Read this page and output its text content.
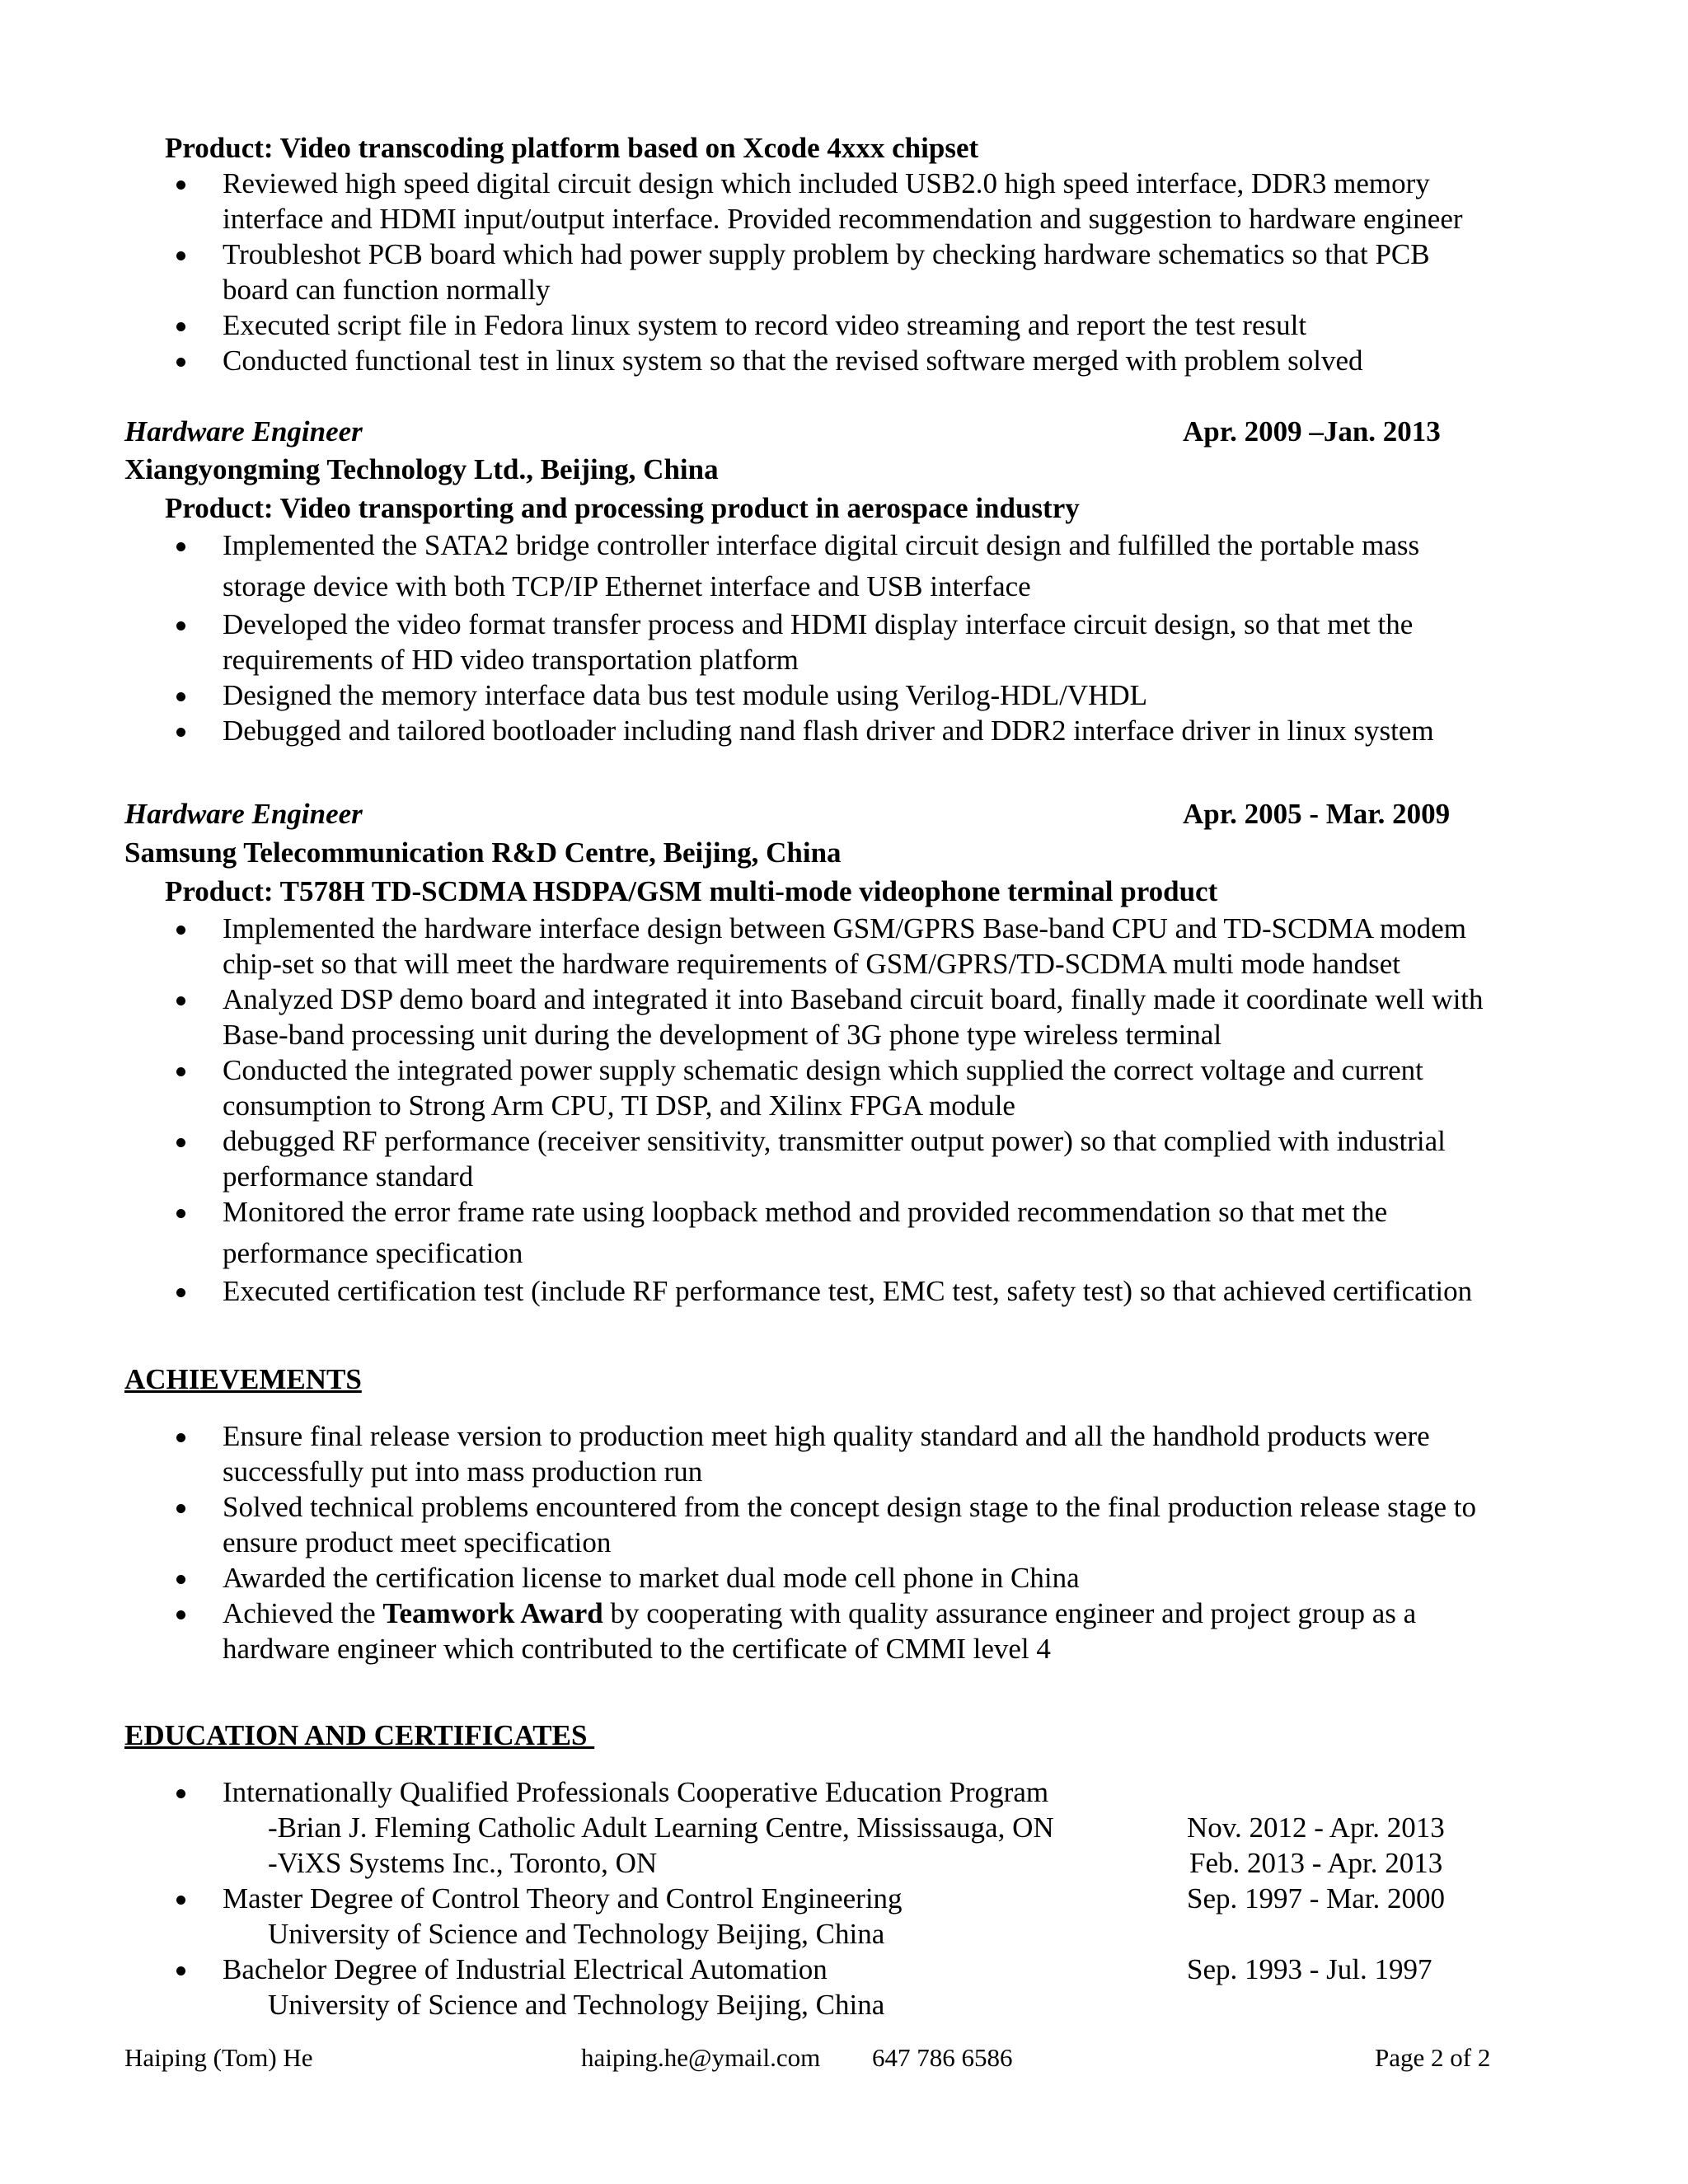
Product: Video transcoding platform based on Xcode 4xxx chipset
Reviewed high speed digital circuit design which included USB2.0 high speed interface, DDR3 memory
interface and HDMI input/output interface. Provided recommendation and suggestion to hardware engineer
Troubleshot PCB board which had power supply problem by checking hardware schematics so that PCB
board can function normally
Executed script file in Fedora linux system to record video streaming and report the test result
Conducted functional test in linux system so that the revised software merged with problem solved
Hardware Engineer	Apr. 2009 –Jan. 2013
Xiangyongming Technology Ltd., Beijing, China
Product: Video transporting and processing product in aerospace industry
Implemented the SATA2 bridge controller interface digital circuit design and fulfilled the portable mass
storage device with both TCP/IP Ethernet interface and USB interface
Developed the video format transfer process and HDMI display interface circuit design, so that met the
requirements of HD video transportation platform
Designed the memory interface data bus test module using Verilog-HDL/VHDL
Debugged and tailored bootloader including nand flash driver and DDR2 interface driver in linux system
Hardware Engineer	Apr. 2005 - Mar. 2009
Samsung Telecommunication R&D Centre, Beijing, China
Product: T578H TD-SCDMA HSDPA/GSM multi-mode videophone terminal product
Implemented the hardware interface design between GSM/GPRS Base-band CPU and TD-SCDMA modem
chip-set so that will meet the hardware requirements of GSM/GPRS/TD-SCDMA multi mode handset
Analyzed DSP demo board and integrated it into Baseband circuit board, finally made it coordinate well with
Base-band processing unit during the development of 3G phone type wireless terminal
Conducted the integrated power supply schematic design which supplied the correct voltage and current
consumption to Strong Arm CPU, TI DSP, and Xilinx FPGA module
debugged RF performance (receiver sensitivity, transmitter output power) so that complied with industrial
performance standard
Monitored the error frame rate using loopback method and provided recommendation so that met the
performance specification
Executed certification test (include RF performance test, EMC test, safety test) so that achieved certification
ACHIEVEMENTS
Ensure final release version to production meet high quality standard and all the handhold products were
successfully put into mass production run
Solved technical problems encountered from the concept design stage to the final production release stage to
ensure product meet specification
Awarded the certification license to market dual mode cell phone in China
Achieved the Teamwork Award by cooperating with quality assurance engineer and project group as a
hardware engineer which contributed to the certificate of CMMI level 4
EDUCATION AND CERTIFICATES
Internationally Qualified Professionals Cooperative Education Program
-Brian J. Fleming Catholic Adult Learning Centre, Mississauga, ON	Nov. 2012 - Apr. 2013
-ViXS Systems Inc., Toronto, ON	Feb. 2013 - Apr. 2013
Master Degree of Control Theory and Control Engineering	Sep. 1997 - Mar. 2000
University of Science and Technology Beijing, China
Bachelor Degree of Industrial Electrical Automation	Sep. 1993 - Jul. 1997
University of Science and Technology Beijing, China
Haiping (Tom) He	haiping.he@ymail.com 647 786 6586	Page 2 of 2
